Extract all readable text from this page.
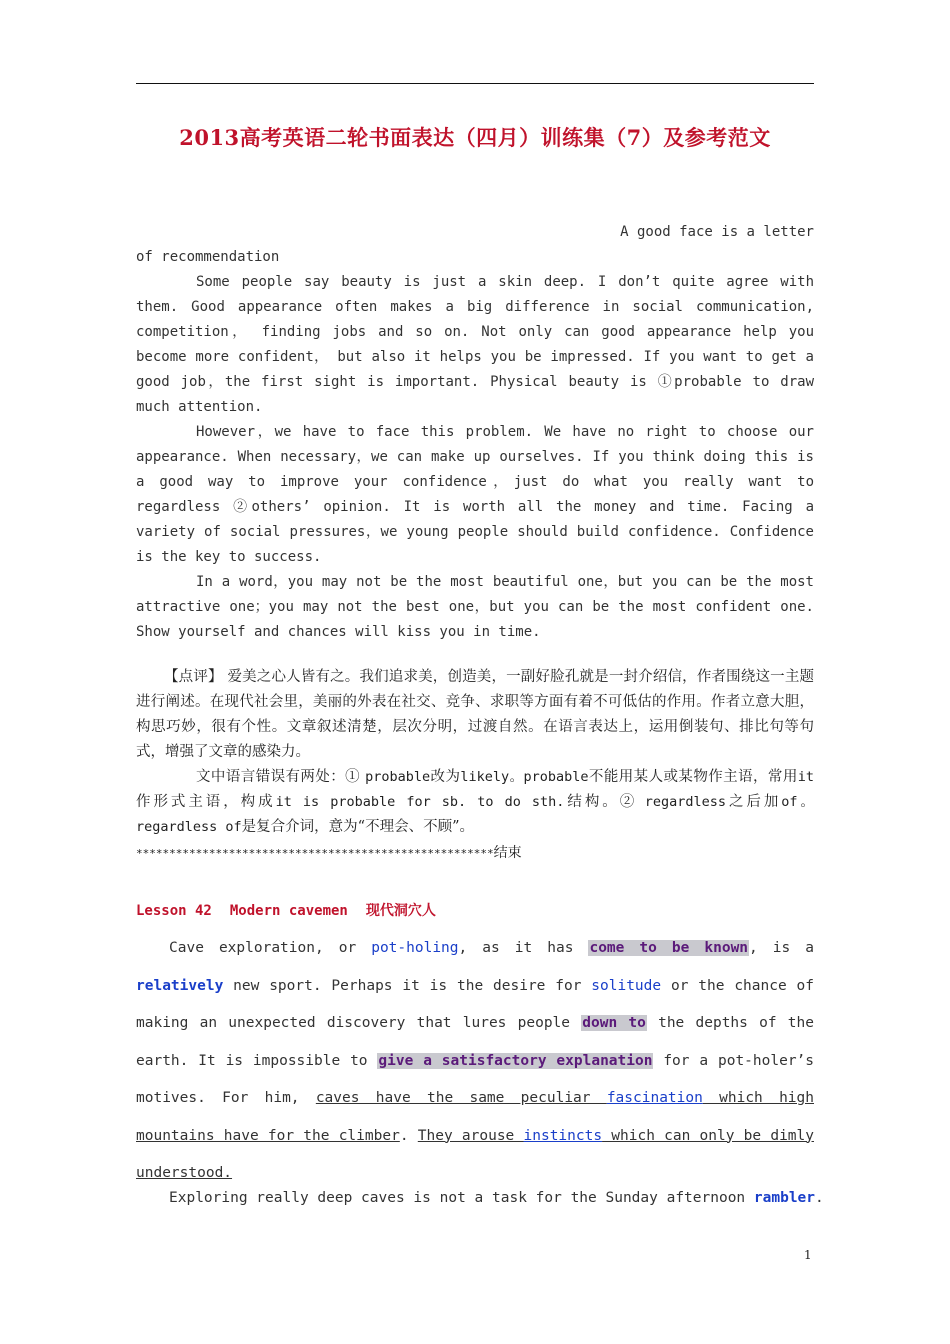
2013高考英语二轮书面表达（四月）训练集（7）及参考范文

A good face is a letter

of recommendation

Some people say beauty is just a skin deep. I don’t quite agree with them. Good appearance often makes a big difference in social communication, competition， finding jobs and so on. Not only can good appearance help you become more confident， but also it helps you be impressed. If you want to get a good job，the first sight is important. Physical beauty is ①probable to draw much attention.

However，we have to face this problem. We have no right to choose our appearance. When necessary，we can make up ourselves. If you think doing this is a good way to improve your confidence，just do what you really want to regardless ②others’ opinion. It is worth all the money and time. Facing a variety of social pressures，we young people should build confidence. Confidence is the key to success.

In a word，you may not be the most beautiful one，but you can be the most attractive one；you may not the best one，but you can be the most confident one. Show yourself and chances will kiss you in time.

【点评】 爱美之心人皆有之。我们追求美，创造美，一副好脸孔就是一封介绍信，作者围绕这一主题进行阐述。在现代社会里，美丽的外表在社交、竞争、求职等方面有着不可低估的作用。作者立意大胆，构思巧妙，很有个性。文章叙述清楚，层次分明，过渡自然。在语言表达上，运用倒装句、排比句等句式，增强了文章的感染力。

文中语言错误有两处：① probable改为likely。probable不能用某人或某物作主语，常用it作形式主语，构成it is probable for sb. to do sth.结构。② regardless之后加of。regardless of是复合介词，意为“不理会、不顾”。

******************************************************结束
Lesson 42 Modern cavemen 现代洞穴人

Cave exploration, or pot-holing, as it has come to be known, is a relatively new sport. Perhaps it is the desire for solitude or the chance of making an unexpected discovery that lures people down to the depths of the earth. It is impossible to give a satisfactory explanation for a pot-holer’s motives. For him, caves have the same peculiar fascination which high mountains have for the climber. They arouse instincts which can only be dimly understood.

Exploring really deep caves is not a task for the Sunday afternoon rambler.
1
